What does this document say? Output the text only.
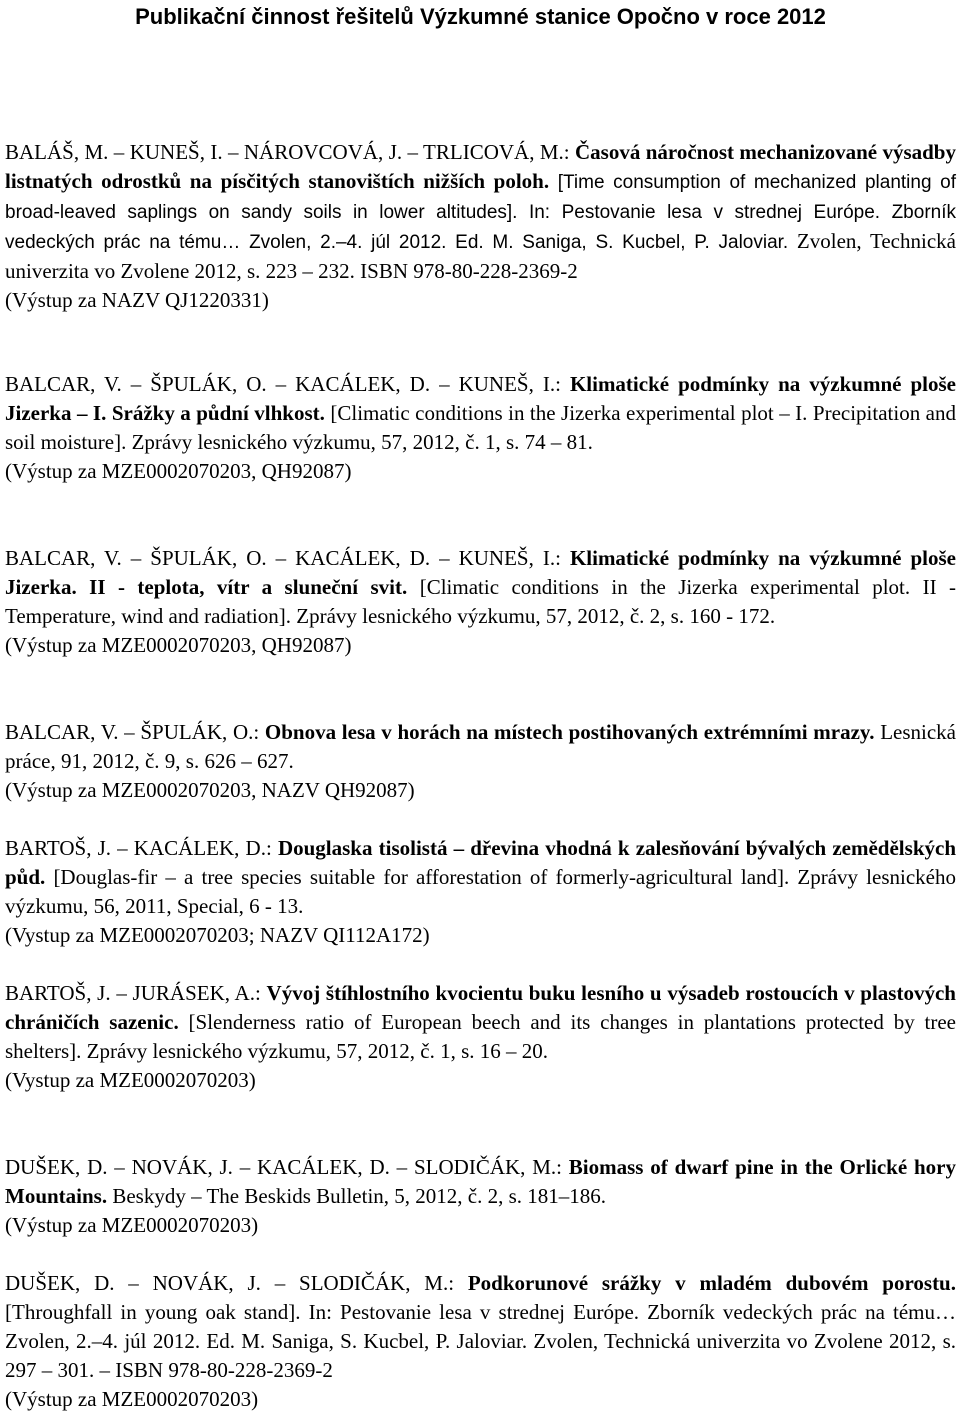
Publikační činnost řešitelů Výzkumné stanice Opočno v roce 2012
BALÁŠ, M. – KUNEŠ, I. – NÁROVCOVÁ, J. – TRLICOVÁ, M.: Časová náročnost mechanizované výsadby listnatých odrostků na písčitých stanovištích nižších poloh. [Time consumption of mechanized planting of broad-leaved saplings on sandy soils in lower altitudes]. In: Pestovanie lesa v strednej Európe. Zborník vedeckých prác na tému… Zvolen, 2.–4. júl 2012. Ed. M. Saniga, S. Kucbel, P. Jaloviar. Zvolen, Technická univerzita vo Zvolene 2012, s. 223 – 232. ISBN 978-80-228-2369-2
(Výstup za NAZV QJ1220331)
BALCAR, V. – ŠPULÁK, O. – KACÁLEK, D. – KUNEŠ, I.: Klimatické podmínky na výzkumné ploše Jizerka – I. Srážky a půdní vlhkost. [Climatic conditions in the Jizerka experimental plot – I. Precipitation and soil moisture]. Zprávy lesnického výzkumu, 57, 2012, č. 1, s. 74 – 81.
(Výstup za MZE0002070203, QH92087)
BALCAR, V. – ŠPULÁK, O. – KACÁLEK, D. – KUNEŠ, I.: Klimatické podmínky na výzkumné ploše Jizerka. II - teplota, vítr a sluneční svit. [Climatic conditions in the Jizerka experimental plot. II - Temperature, wind and radiation]. Zprávy lesnického výzkumu, 57, 2012, č. 2, s. 160 - 172.
(Výstup za MZE0002070203, QH92087)
BALCAR, V. – ŠPULÁK, O.: Obnova lesa v horách na místech postihovaných extrémními mrazy. Lesnická práce, 91, 2012, č. 9, s. 626 – 627.
(Výstup za MZE0002070203, NAZV QH92087)
BARTOŠ, J. – KACÁLEK, D.: Douglaska tisolistá – dřevina vhodná k zalesňování bývalých zemědělských půd. [Douglas-fir – a tree species suitable for afforestation of formerly-agricultural land]. Zprávy lesnického výzkumu, 56, 2011, Special, 6 - 13.
(Vystup za MZE0002070203; NAZV QI112A172)
BARTOŠ, J. – JURÁSEK, A.: Vývoj štíhlostního kvocientu buku lesního u výsadeb rostoucích v plastových chráničích sazenic. [Slenderness ratio of European beech and its changes in plantations protected by tree shelters]. Zprávy lesnického výzkumu, 57, 2012, č. 1, s. 16 – 20.
(Vystup za MZE0002070203)
DUŠEK, D. – NOVÁK, J. – KACÁLEK, D. – SLODIČÁK, M.: Biomass of dwarf pine in the Orlické hory Mountains. Beskydy – The Beskids Bulletin, 5, 2012, č. 2, s. 181–186.
(Výstup za MZE0002070203)
DUŠEK, D. – NOVÁK, J. – SLODIČÁK, M.: Podkorunové srážky v mladém dubovém porostu. [Throughfall in young oak stand]. In: Pestovanie lesa v strednej Európe. Zborník vedeckých prác na tému… Zvolen, 2.–4. júl 2012. Ed. M. Saniga, S. Kucbel, P. Jaloviar. Zvolen, Technická univerzita vo Zvolene 2012, s. 297 – 301. – ISBN 978-80-228-2369-2
(Výstup za MZE0002070203)
